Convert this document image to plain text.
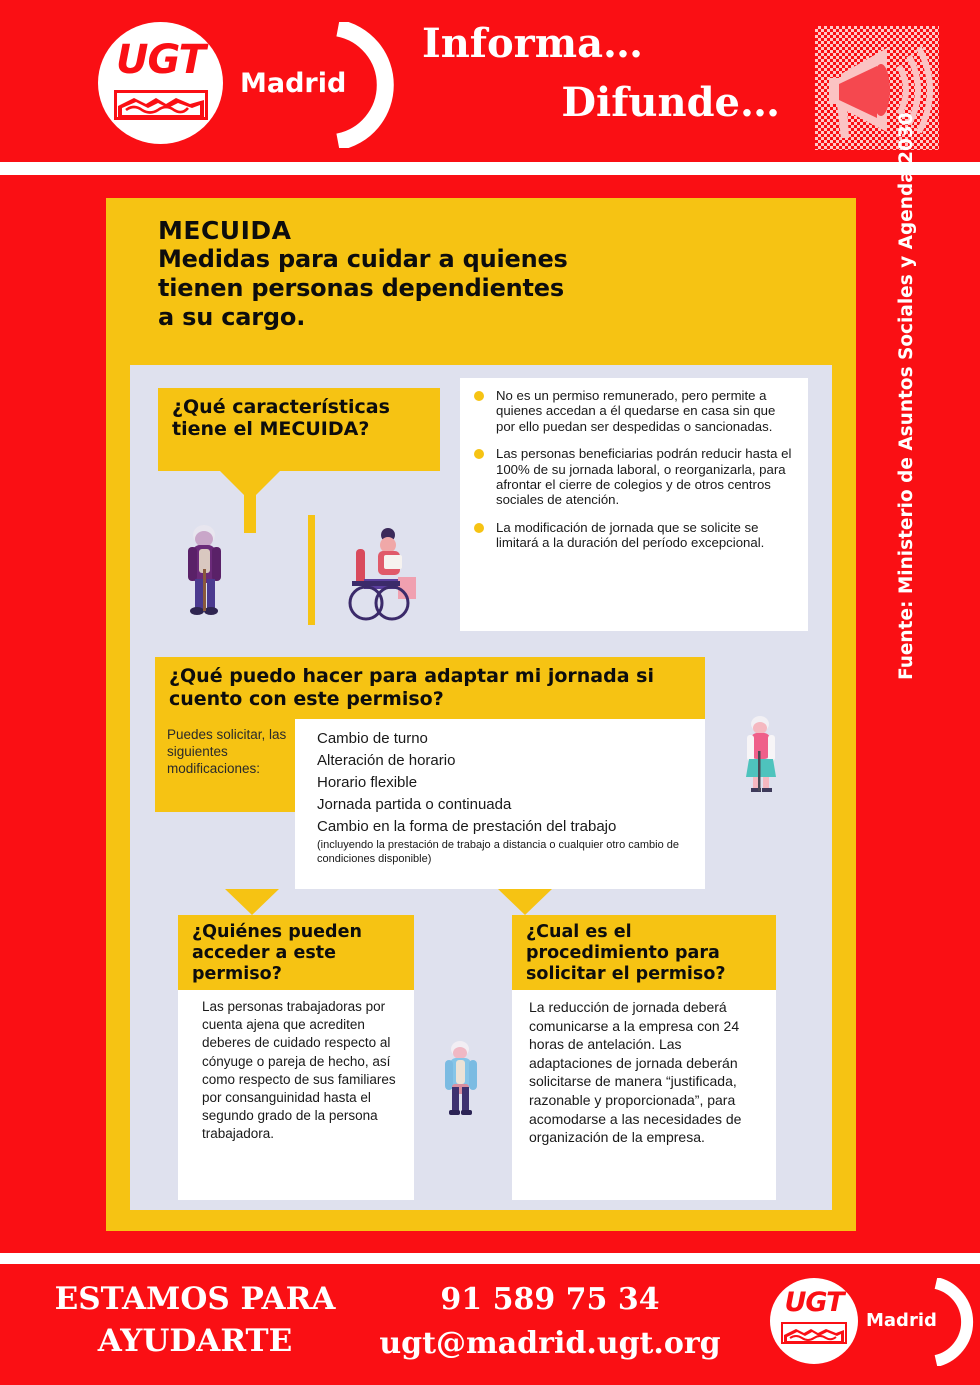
UGT
Madrid
Informa…
Difunde…
MECUIDA
Medidas para cuidar a quienes
tienen personas dependientes
a su cargo.
¿Qué características tiene el MECUIDA?
No es un permiso remunerado, pero permite a quienes accedan a él quedarse en casa sin que por ello puedan ser despedidas o sancionadas.
Las personas beneficiarias podrán reducir hasta el 100% de su jornada laboral, o reorganizarla, para afrontar el cierre de colegios y de otros centros sociales de atención.
La modificación de jornada que se solicite se limitará a la duración del período excepcional.
¿Qué puedo hacer para adaptar mi jornada si cuento con este permiso?
Puedes solicitar, las siguientes modificaciones:
Cambio de turno
Alteración de horario
Horario flexible
Jornada partida o continuada
Cambio en la forma de prestación del trabajo
(incluyendo la prestación de trabajo a distancia o cualquier otro cambio de condiciones disponible)
¿Quiénes pueden acceder a este permiso?
Las personas trabajadoras por cuenta ajena que acrediten deberes de cuidado respecto al cónyuge o pareja de hecho, así como respecto de sus familiares por consanguinidad hasta el segundo grado de la persona trabajadora.
¿Cual es el procedimiento para solicitar el permiso?
La reducción de jornada deberá comunicarse a la empresa con 24 horas de antelación. Las adaptaciones de jornada deberán solicitarse de manera “justificada, razonable y proporcionada”, para acomodarse a las necesidades de organización de la empresa.
Fuente: Ministerio de Asuntos Sociales y Agenda 2030
ESTAMOS PARA
AYUDARTE
91 589 75 34
ugt@madrid.ugt.org
UGT
Madrid
